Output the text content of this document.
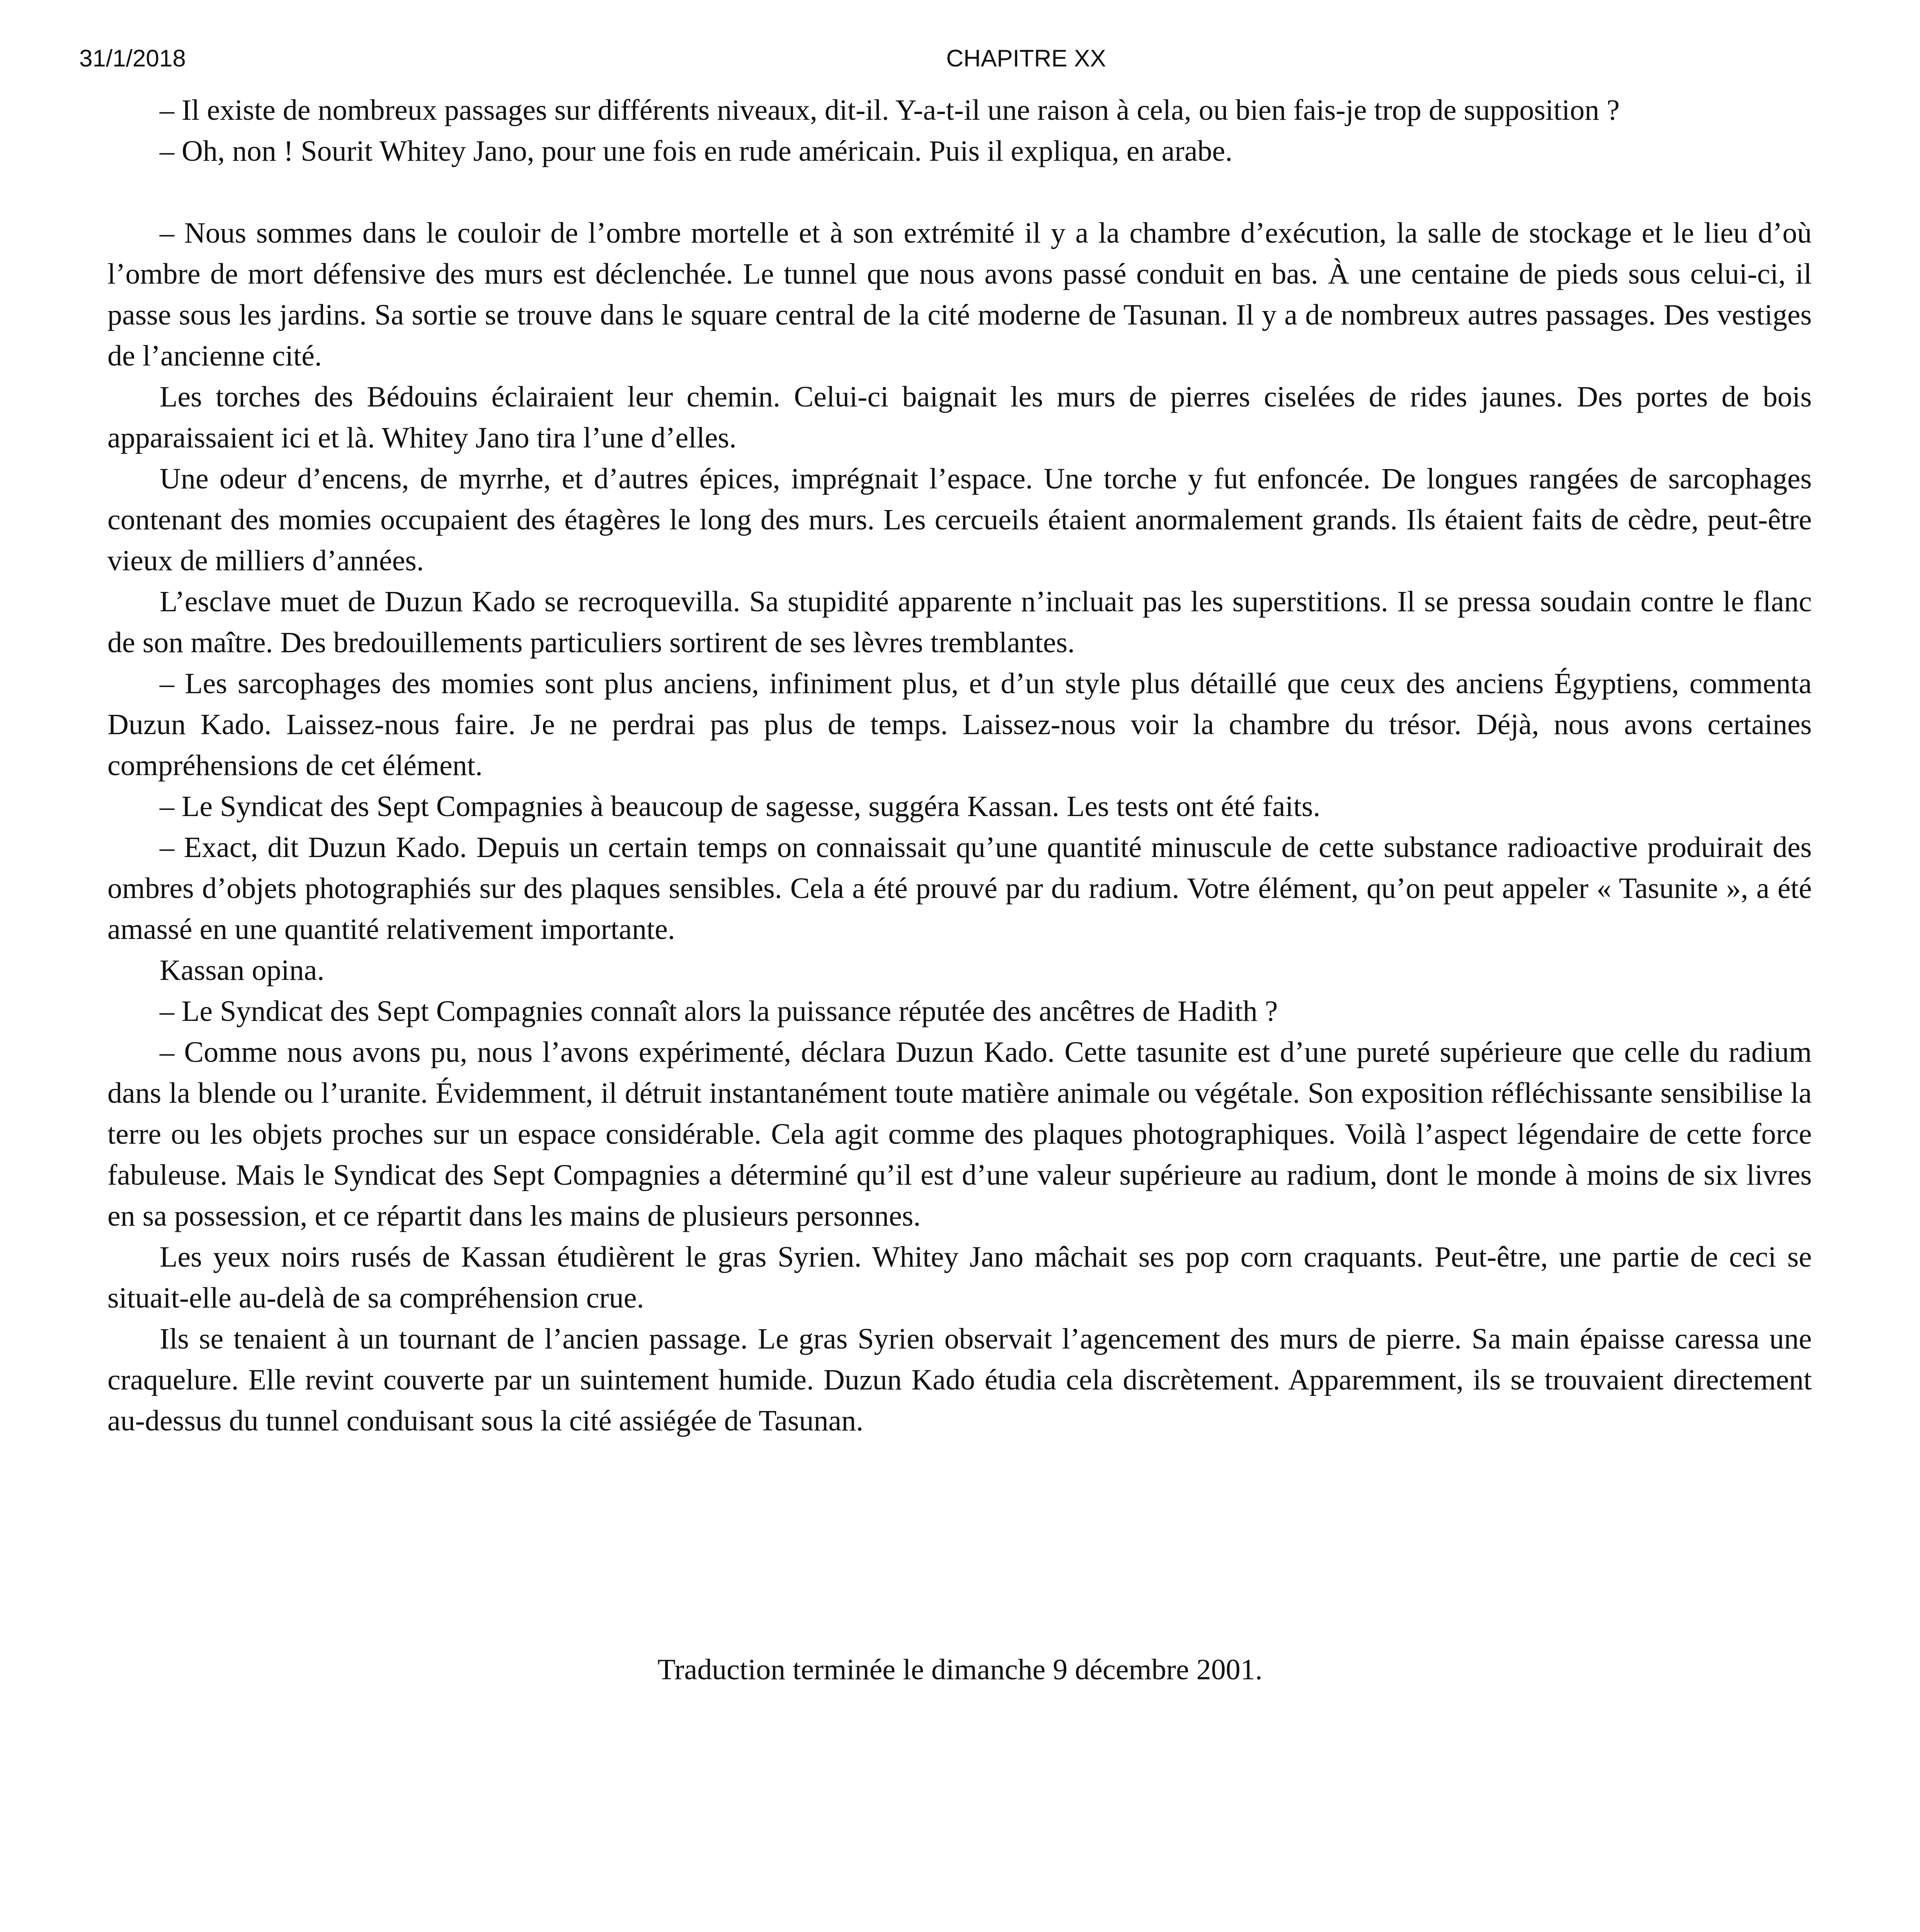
31/1/2018	CHAPITRE XX

– Il existe de nombreux passages sur différents niveaux, dit-il. Y-a-t-il une raison à cela, ou bien fais-je trop de supposition ?

– Oh, non ! Sourit Whitey Jano, pour une fois en rude américain. Puis il expliqua, en arabe.

– Nous sommes dans le couloir de l’ombre mortelle et à son extrémité il y a la chambre d’exécution, la salle de stockage et le lieu d’où l’ombre de mort défensive des murs est déclenchée. Le tunnel que nous avons passé conduit en bas. À une centaine de pieds sous celui-ci, il passe sous les jardins. Sa sortie se trouve dans le square central de la cité moderne de Tasunan. Il y a de nombreux autres passages. Des vestiges de l’ancienne cité.

Les torches des Bédouins éclairaient leur chemin. Celui-ci baignait les murs de pierres ciselées de rides jaunes. Des portes de bois apparaissaient ici et là. Whitey Jano tira l’une d’elles.

Une odeur d’encens, de myrrhe, et d’autres épices, imprégnait l’espace. Une torche y fut enfoncée. De longues rangées de sarcophages contenant des momies occupaient des étagères le long des murs. Les cercueils étaient anormalement grands. Ils étaient faits de cèdre, peut-être vieux de milliers d’années.

L’esclave muet de Duzun Kado se recroquevilla. Sa stupidité apparente n’incluait pas les superstitions. Il se pressa soudain contre le flanc de son maître. Des bredouillements particuliers sortirent de ses lèvres tremblantes.

– Les sarcophages des momies sont plus anciens, infiniment plus, et d’un style plus détaillé que ceux des anciens Égyptiens, commenta Duzun Kado. Laissez-nous faire. Je ne perdrai pas plus de temps. Laissez-nous voir la chambre du trésor. Déjà, nous avons certaines compréhensions de cet élément.

– Le Syndicat des Sept Compagnies à beaucoup de sagesse, suggéra Kassan. Les tests ont été faits.

– Exact, dit Duzun Kado. Depuis un certain temps on connaissait qu’une quantité minuscule de cette substance radioactive produirait des ombres d’objets photographiés sur des plaques sensibles. Cela a été prouvé par du radium. Votre élément, qu’on peut appeler « Tasunite », a été amassé en une quantité relativement importante.

Kassan opina.

– Le Syndicat des Sept Compagnies connaît alors la puissance réputée des ancêtres de Hadith ?

– Comme nous avons pu, nous l’avons expérimenté, déclara Duzun Kado. Cette tasunite est d’une pureté supérieure que celle du radium dans la blende ou l’uranite. Évidemment, il détruit instantanément toute matière animale ou végétale. Son exposition réfléchissante sensibilise la terre ou les objets proches sur un espace considérable. Cela agit comme des plaques photographiques. Voilà l’aspect légendaire de cette force fabuleuse. Mais le Syndicat des Sept Compagnies a déterminé qu’il est d’une valeur supérieure au radium, dont le monde à moins de six livres en sa possession, et ce répartit dans les mains de plusieurs personnes.

Les yeux noirs rusés de Kassan étudièrent le gras Syrien. Whitey Jano mâchait ses pop corn craquants. Peut-être, une partie de ceci se situait-elle au-delà de sa compréhension crue.

Ils se tenaient à un tournant de l’ancien passage. Le gras Syrien observait l’agencement des murs de pierre. Sa main épaisse caressa une craquelure. Elle revint couverte par un suintement humide. Duzun Kado étudia cela discrètement. Apparemment, ils se trouvaient directement au-dessus du tunnel conduisant sous la cité assiégée de Tasunan.

Traduction terminée le dimanche 9 décembre 2001.
